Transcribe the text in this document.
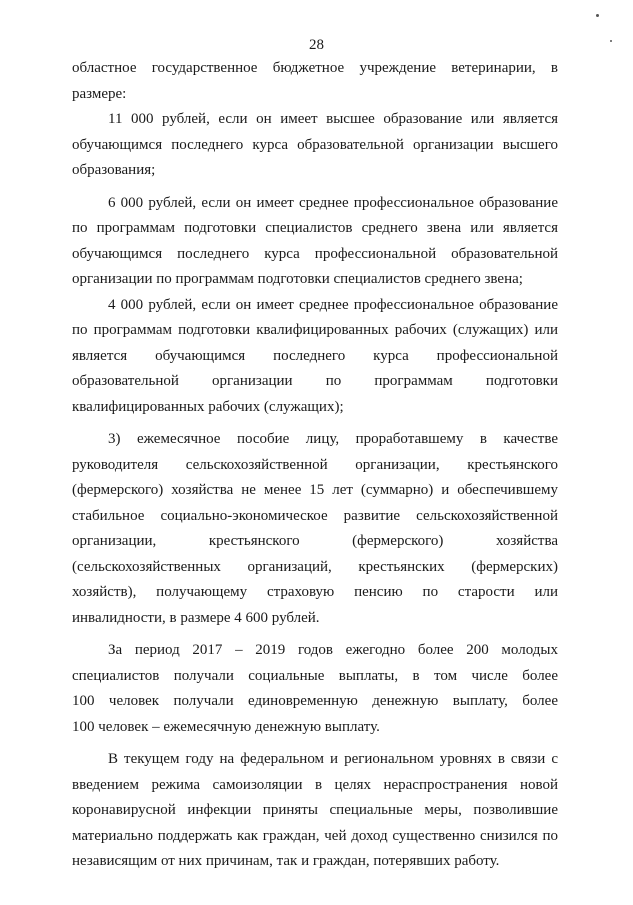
28
областное государственное бюджетное учреждение ветеринарии, в
размере:
11 000 рублей, если он имеет высшее образование или является
обучающимся последнего курса образовательной организации высшего
образования;
6 000 рублей, если он имеет среднее профессиональное образование
по программам подготовки специалистов среднего звена или является
обучающимся последнего курса профессиональной образовательной
организации по программам подготовки специалистов среднего звена;
4 000 рублей, если он имеет среднее профессиональное образование
по программам подготовки квалифицированных рабочих (служащих) или
является обучающимся последнего курса профессиональной
образовательной организации по программам подготовки
квалифицированных рабочих (служащих);
3) ежемесячное пособие лицу, проработавшему в качестве
руководителя сельскохозяйственной организации, крестьянского
(фермерского) хозяйства не менее 15 лет (суммарно) и обеспечившему
стабильное социально-экономическое развитие сельскохозяйственной
организации, крестьянского (фермерского) хозяйства
(сельскохозяйственных организаций, крестьянских (фермерских)
хозяйств), получающему страховую пенсию по старости или
инвалидности, в размере 4 600 рублей.
За период 2017 – 2019 годов ежегодно более 200 молодых
специалистов получали социальные выплаты, в том числе более
100 человек получали единовременную денежную выплату, более
100 человек – ежемесячную денежную выплату.
В текущем году на федеральном и региональном уровнях в связи с
введением режима самоизоляции в целях нераспространения новой
коронавирусной инфекции приняты специальные меры, позволившие
материально поддержать как граждан, чей доход существенно снизился по
независящим от них причинам, так и граждан, потерявших работу.
